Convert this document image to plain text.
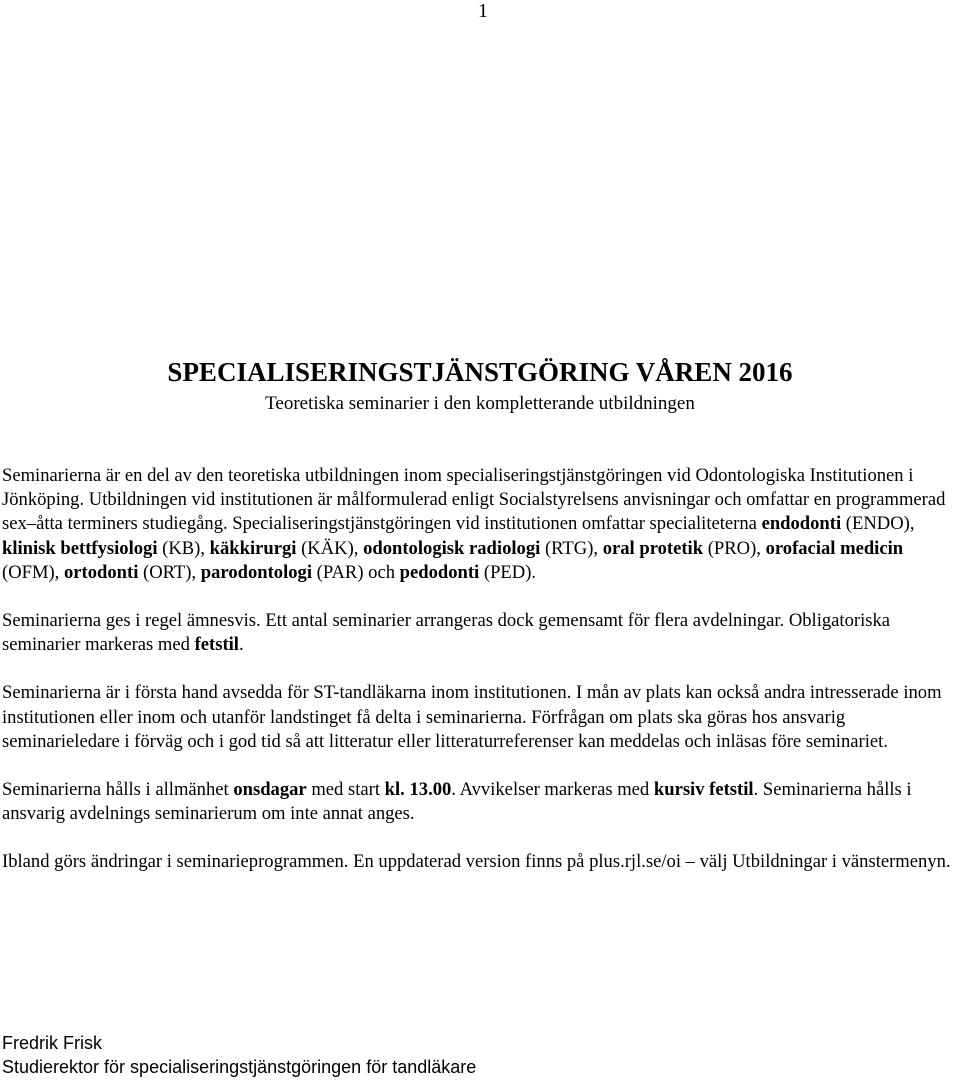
1
SPECIALISERINGSTJÄNSTGÖRING VÅREN 2016
Teoretiska seminarier i den kompletterande utbildningen

Seminarierna är en del av den teoretiska utbildningen inom specialiseringstjänstgöringen vid Odontologiska Institutionen i Jönköping. Utbildningen vid institutionen är målformulerad enligt Socialstyrelsens anvisningar och omfattar en programmerad sex–åtta terminers studiegång. Specialiseringstjänstgöringen vid institutionen omfattar specialiteterna endodonti (ENDO), klinisk bettfysiologi (KB), käkkirurgi (KÄK), odontologisk radiologi (RTG), oral protetik (PRO), orofacial medicin (OFM), ortodonti (ORT), parodontologi (PAR) och pedodonti (PED).

Seminarierna ges i regel ämnesvis. Ett antal seminarier arrangeras dock gemensamt för flera avdelningar. Obligatoriska seminarier markeras med fetstil.

Seminarierna är i första hand avsedda för ST-tandläkarna inom institutionen. I mån av plats kan också andra intresserade inom institutionen eller inom och utanför landstinget få delta i seminarierna. Förfrågan om plats ska göras hos ansvarig seminarieledare i förväg och i god tid så att litteratur eller litteraturreferenser kan meddelas och inläsas före seminariet.

Seminarierna hålls i allmänhet onsdagar med start kl. 13.00. Avvikelser markeras med kursiv fetstil. Seminarierna hålls i ansvarig avdelnings seminarierum om inte annat anges.

Ibland görs ändringar i seminarieprogrammen. En uppdaterad version finns på plus.rjl.se/oi – välj Utbildningar i vänstermenyn.

Fredrik Frisk
Studierektor för specialiseringstjänstgöringen för tandläkare
